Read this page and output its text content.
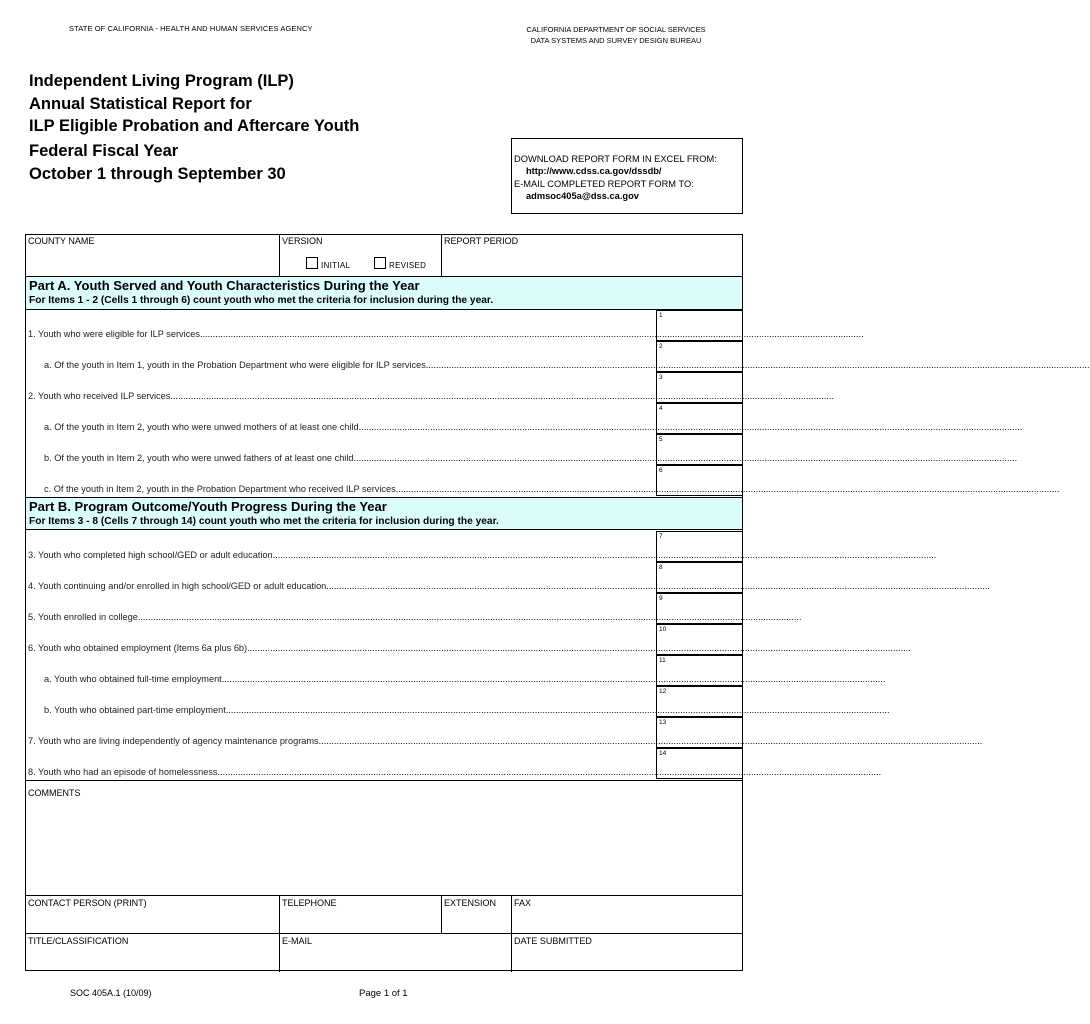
STATE OF CALIFORNIA - HEALTH AND HUMAN SERVICES AGENCY	CALIFORNIA DEPARTMENT OF SOCIAL SERVICES
DATA SYSTEMS AND SURVEY DESIGN BUREAU
Independent Living Program (ILP)
Annual Statistical Report for
ILP Eligible Probation and Aftercare Youth
Federal Fiscal Year
October 1 through September 30
DOWNLOAD REPORT FORM IN EXCEL FROM:
http://www.cdss.ca.gov/dssdb/
E-MAIL COMPLETED REPORT FORM TO:
admsoc405a@dss.ca.gov
COUNTY NAME	VERSION
INITIAL	REVISED
REPORT PERIOD
Part A. Youth Served and Youth Characteristics During the Year
For Items 1 - 2 (Cells 1 through 6) count youth who met the criteria for inclusion during the year.
1. Youth who were eligible for ILP services....................................................................................................................................................................................................................................................................
1
a. Of the youth in Item 1, youth in the Probation Department who were eligible for ILP services....................................................................................................................................................................................................................................................................
2
2. Youth who received ILP services....................................................................................................................................................................................................................................................................
3
a. Of the youth in Item 2, youth who were unwed mothers of at least one child....................................................................................................................................................................................................................................................................
4
b. Of the youth in Item 2, youth who were unwed fathers of at least one child....................................................................................................................................................................................................................................................................
5
c. Of the youth in Item 2, youth in the Probation Department who received ILP services....................................................................................................................................................................................................................................................................
6
Part B. Program Outcome/Youth Progress During the Year
For Items 3 - 8 (Cells 7 through 14) count youth who met the criteria for inclusion during the year.
3. Youth who completed high school/GED or adult education....................................................................................................................................................................................................................................................................
7
4. Youth continuing and/or enrolled in high school/GED or adult education....................................................................................................................................................................................................................................................................
8
5. Youth enrolled in college....................................................................................................................................................................................................................................................................
9
6. Youth who obtained employment (Items 6a plus 6b)....................................................................................................................................................................................................................................................................
10
a. Youth who obtained full-time employment....................................................................................................................................................................................................................................................................
11
b. Youth who obtained part-time employment....................................................................................................................................................................................................................................................................
12
7. Youth who are living independently of agency maintenance programs....................................................................................................................................................................................................................................................................
13
8. Youth who had an episode of homelessness....................................................................................................................................................................................................................................................................
14
COMMENTS
CONTACT PERSON (PRINT)	TELEPHONE	EXTENSION FAX
TITLE/CLASSIFICATION	E-MAIL	DATE SUBMITTED
SOC 405A.1 (10/09)	Page 1 of 1
